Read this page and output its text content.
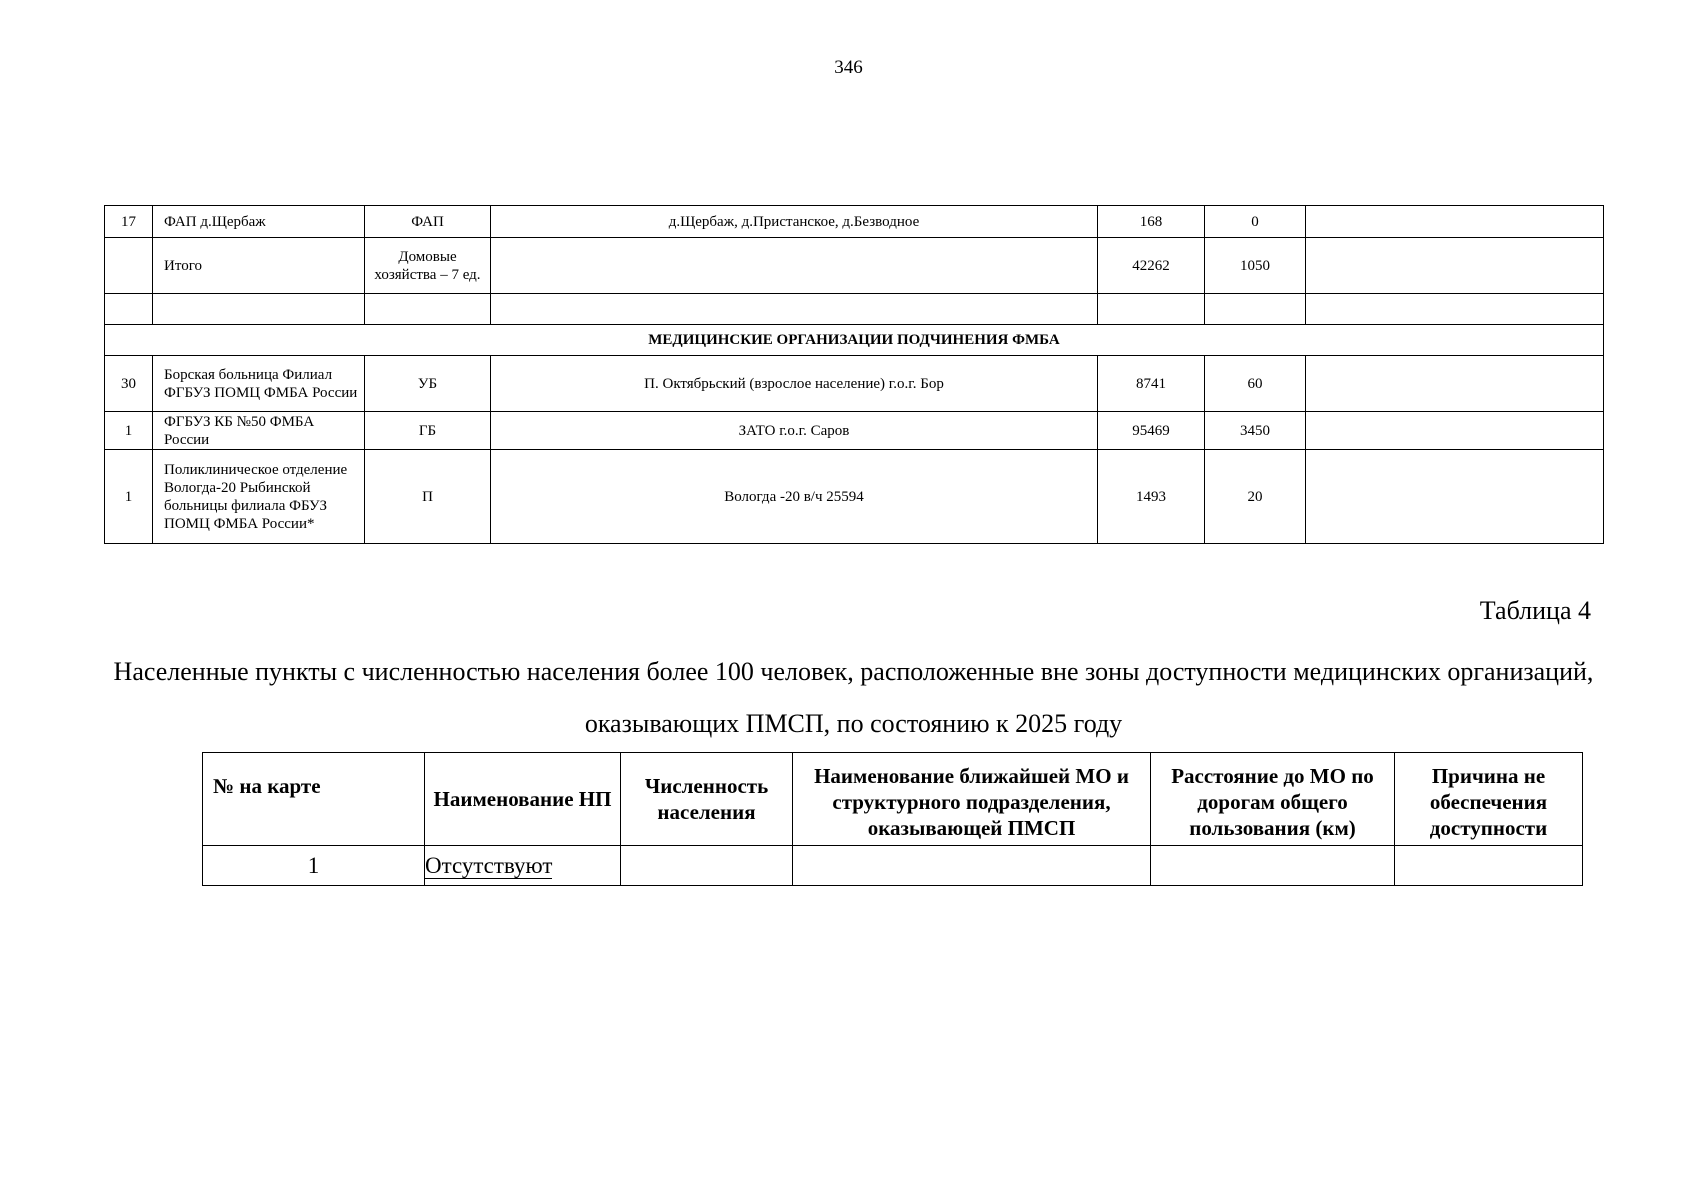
346
17	ФАП д.Щербаж	ФАП	д.Щербаж, д.Пристанское, д.Безводное	168	0	
	Итого	Домовые хозяйства – 7 ед.		42262	1050	

МЕДИЦИНСКИЕ ОРГАНИЗАЦИИ ПОДЧИНЕНИЯ ФМБА						
30	Борская больница Филиал ФГБУЗ ПОМЦ ФМБА России	УБ	П. Октябрьский (взрослое население) г.о.г. Бор	8741	60	
1	ФГБУЗ КБ №50 ФМБА России	ГБ	ЗАТО г.о.г. Саров	95469	3450	
1	Поликлиническое отделение Вологда-20 Рыбинской больницы филиала ФБУЗ ПОМЦ ФМБА России*	П	Вологда -20 в/ч 25594	1493	20	
Таблица 4
Населенные пункты с численностью населения более 100 человек, расположенные вне зоны доступности медицинских организаций, оказывающих ПМСП, по состоянию к 2025 году
№ на карте	Наименование НП	Численность населения	Наименование ближайшей МО и структурного подразделения, оказывающей ПМСП	Расстояние до МО по дорогам общего пользования (км)	Причина не обеспечения доступности
1	Отсутствуют				
